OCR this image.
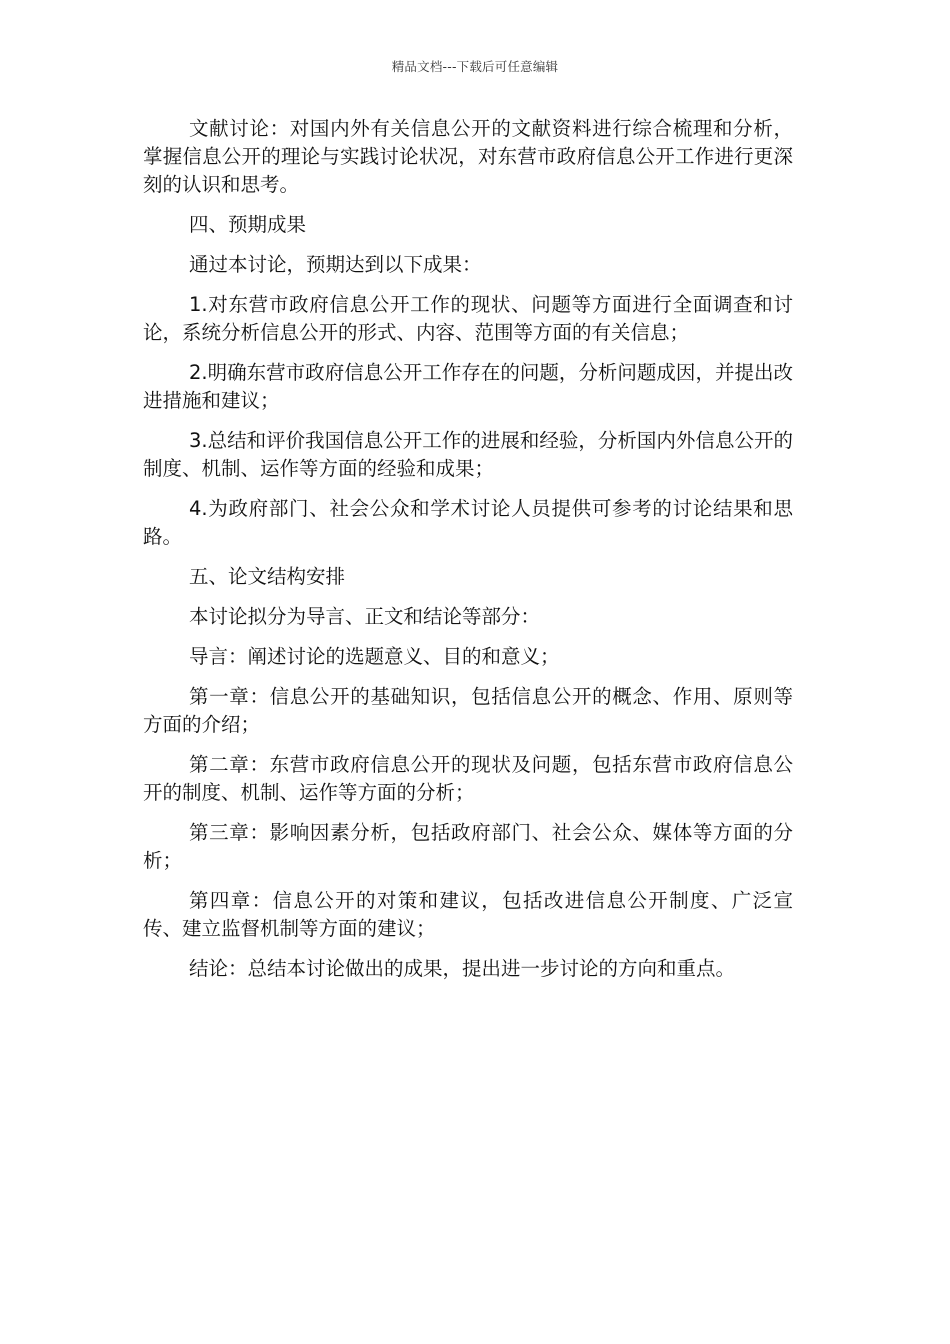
精品文档---下载后可任意编辑

文献讨论：对国内外有关信息公开的文献资料进行综合梳理和分析，掌握信息公开的理论与实践讨论状况，对东营市政府信息公开工作进行更深刻的认识和思考。

四、预期成果

通过本讨论，预期达到以下成果：

1.对东营市政府信息公开工作的现状、问题等方面进行全面调查和讨论，系统分析信息公开的形式、内容、范围等方面的有关信息；

2.明确东营市政府信息公开工作存在的问题，分析问题成因，并提出改进措施和建议；

3.总结和评价我国信息公开工作的进展和经验，分析国内外信息公开的制度、机制、运作等方面的经验和成果；

4.为政府部门、社会公众和学术讨论人员提供可参考的讨论结果和思路。

五、论文结构安排

本讨论拟分为导言、正文和结论等部分：

导言：阐述讨论的选题意义、目的和意义；

第一章：信息公开的基础知识，包括信息公开的概念、作用、原则等方面的介绍；

第二章：东营市政府信息公开的现状及问题，包括东营市政府信息公开的制度、机制、运作等方面的分析；

第三章：影响因素分析，包括政府部门、社会公众、媒体等方面的分析；

第四章：信息公开的对策和建议，包括改进信息公开制度、广泛宣传、建立监督机制等方面的建议；

结论：总结本讨论做出的成果，提出进一步讨论的方向和重点。
